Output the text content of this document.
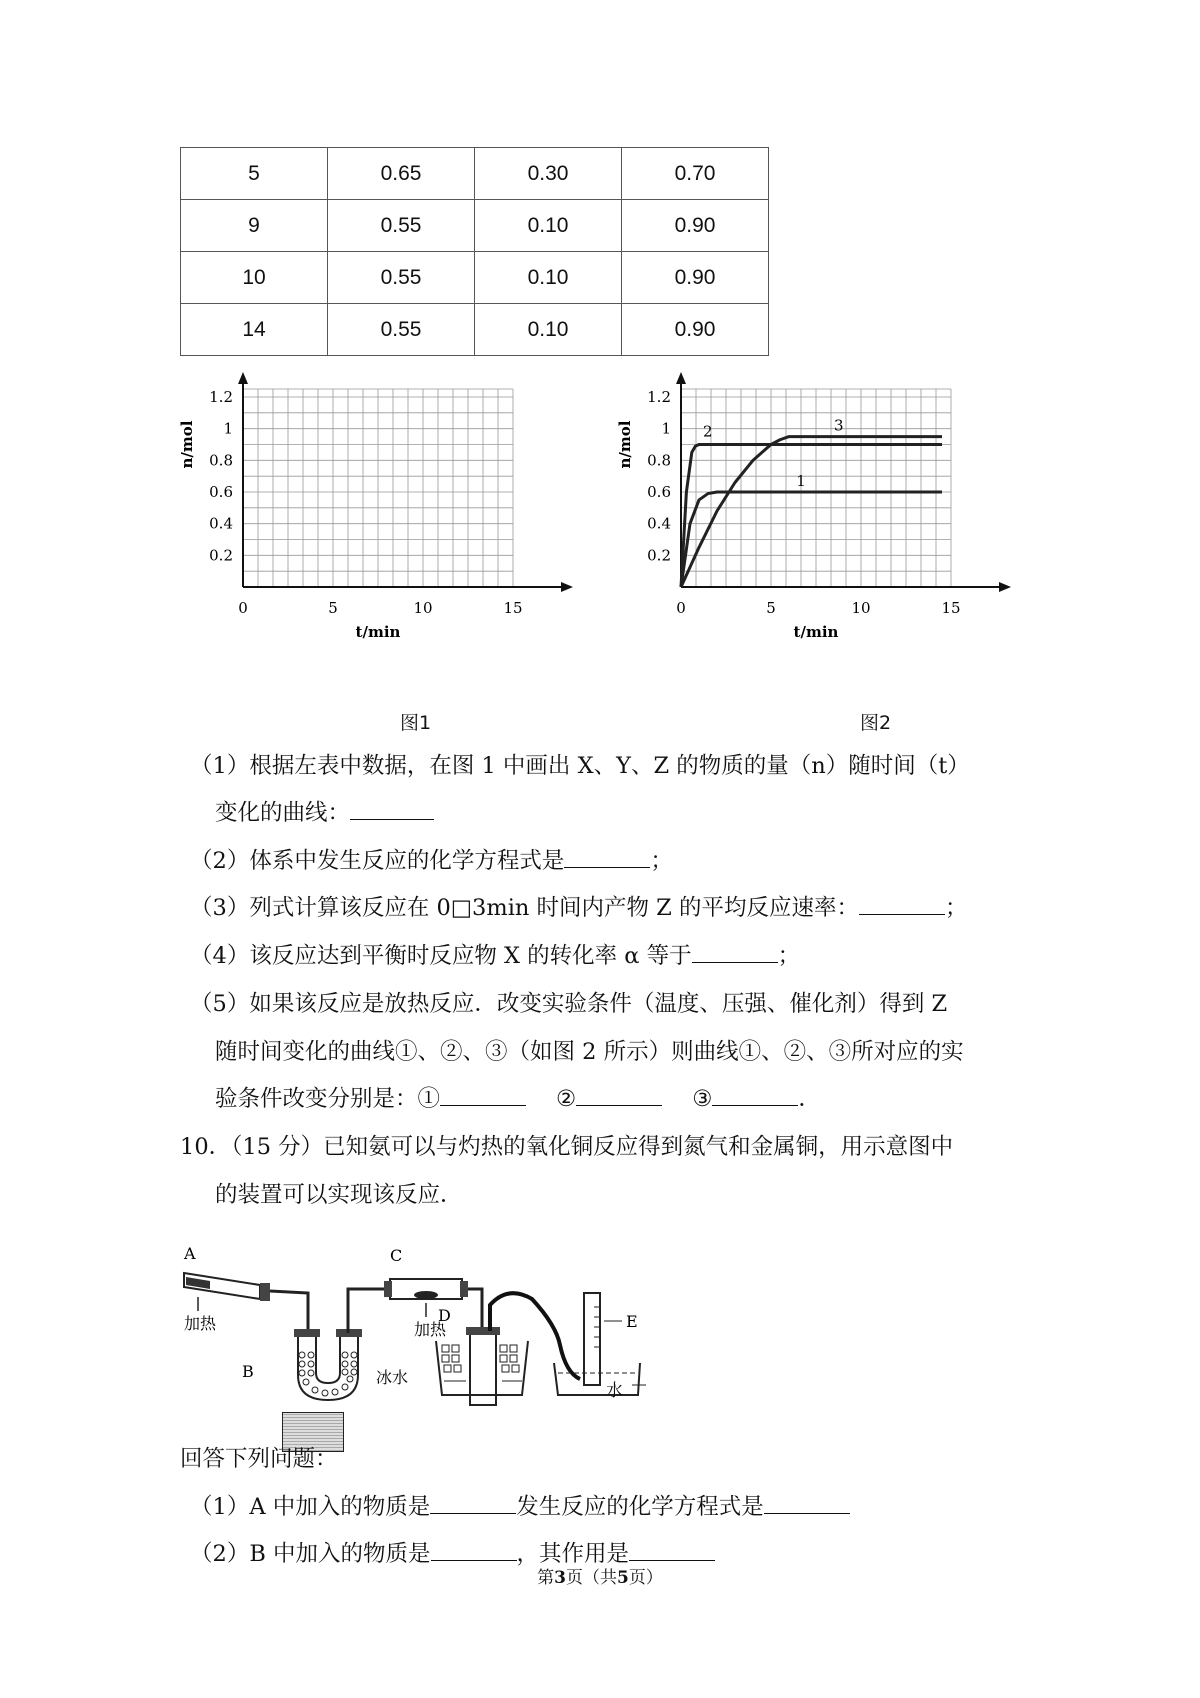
5	0.65	0.30	0.70
9	0.55	0.10	0.90
10	0.55	0.10	0.90
14	0.55	0.10	0.90
0.2
0.4
0.6
0.8
1
1.2
0	5	10	15
t/min
n/mol
图1
0.2
0.4
0.6
0.8
1
1.2
0	5	10	15
t/min
n/mol
1
2	3
图2
（1）根据左表中数据，在图 1 中画出 X、Y、Z 的物质的量（n）随时间（t）
变化的曲线：
（2）体系中发生反应的化学方程式是	；
（3）列式计算该反应在 0□3min 时间内产物 Z 的平均反应速率：	；
（4）该反应达到平衡时反应物 X 的转化率 α 等于	；
（5）如果该反应是放热反应．改变实验条件（温度、压强、催化剂）得到 Z
随时间变化的曲线①、②、③（如图 2 所示）则曲线①、②、③所对应的实
验条件改变分别是：①	②	③	．
10．（15 分）已知氨可以与灼热的氧化铜反应得到氮气和金属铜，用示意图中
的装置可以实现该反应．
A
加热
B
C
加热
D
冰水
E
水
回答下列问题：
（1）A 中加入的物质是	发生反应的化学方程式是
（2）B 中加入的物质是	，其作用是
第3页（共5页）
